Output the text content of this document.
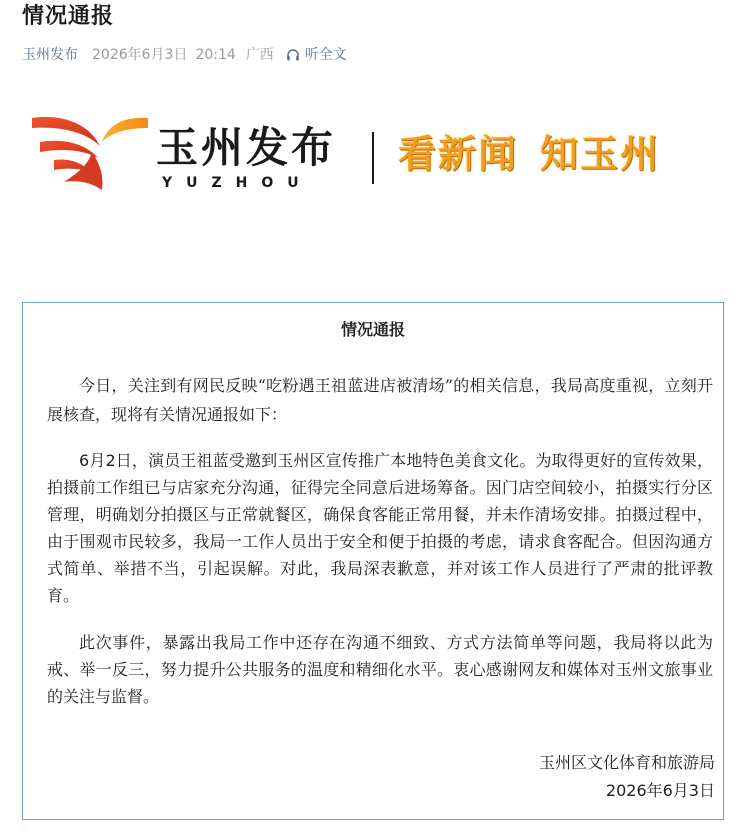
情况通报
玉州发布 2026年6月3日 20:14 广西 听全文
玉州发布
YUZHOU
看新闻 知玉州
情况通报

今日，关注到有网民反映“吃粉遇王祖蓝进店被清场”的相关信息，我局高度重视，立刻开展核查，现将有关情况通报如下：

6月2日，演员王祖蓝受邀到玉州区宣传推广本地特色美食文化。为取得更好的宣传效果，拍摄前工作组已与店家充分沟通，征得完全同意后进场筹备。因门店空间较小，拍摄实行分区管理，明确划分拍摄区与正常就餐区，确保食客能正常用餐，并未作清场安排。拍摄过程中，由于围观市民较多，我局一工作人员出于安全和便于拍摄的考虑，请求食客配合。但因沟通方式简单、举措不当，引起误解。对此，我局深表歉意，并对该工作人员进行了严肃的批评教育。

此次事件，暴露出我局工作中还存在沟通不细致、方式方法简单等问题，我局将以此为戒、举一反三，努力提升公共服务的温度和精细化水平。衷心感谢网友和媒体对玉州文旅事业的关注与监督。

玉州区文化体育和旅游局
2026年6月3日
